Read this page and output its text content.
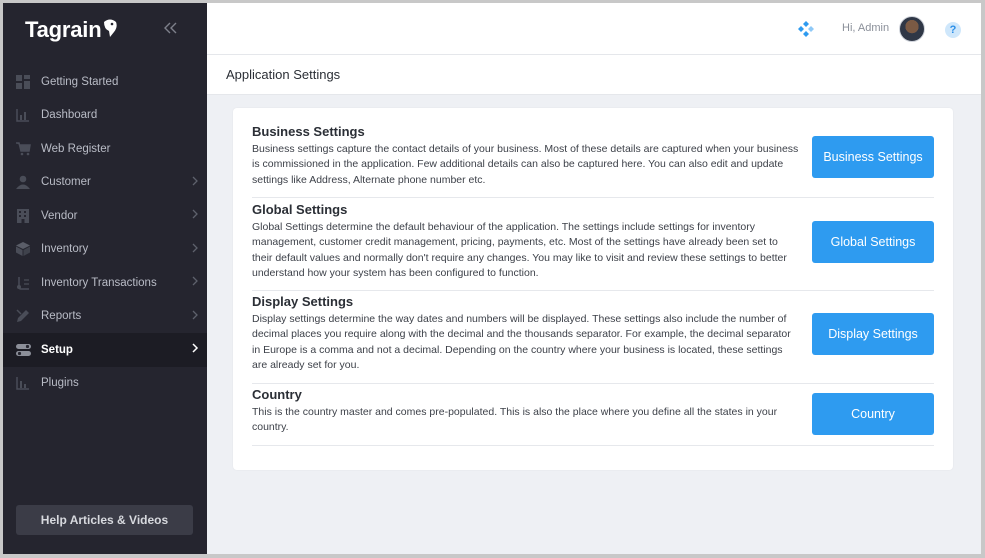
Tagrain
Getting Started
Dashboard
Web Register
Customer
Vendor
Inventory
Inventory Transactions
Reports
Setup
Plugins
Help Articles & Videos
Hi, Admin	?
Application Settings
Business Settings
Business settings capture the contact details of your business. Most of these details are captured when your business is commissioned in the application. Few additional details can also be captured here. You can also edit and update settings like Address, Alternate phone number etc.
Business Settings
Global Settings
Global Settings determine the default behaviour of the application. The settings include settings for inventory management, customer credit management, pricing, payments, etc. Most of the settings have already been set to their default values and normally don't require any changes. You may like to visit and review these settings to better understand how your system has been configured to function.
Global Settings
Display Settings
Display settings determine the way dates and numbers will be displayed. These settings also include the number of decimal places you require along with the decimal and the thousands separator. For example, the decimal separator in Europe is a comma and not a decimal. Depending on the country where your business is located, these settings are already set for you.
Display Settings
Country
This is the country master and comes pre-populated. This is also the place where you define all the states in your country.
Country
